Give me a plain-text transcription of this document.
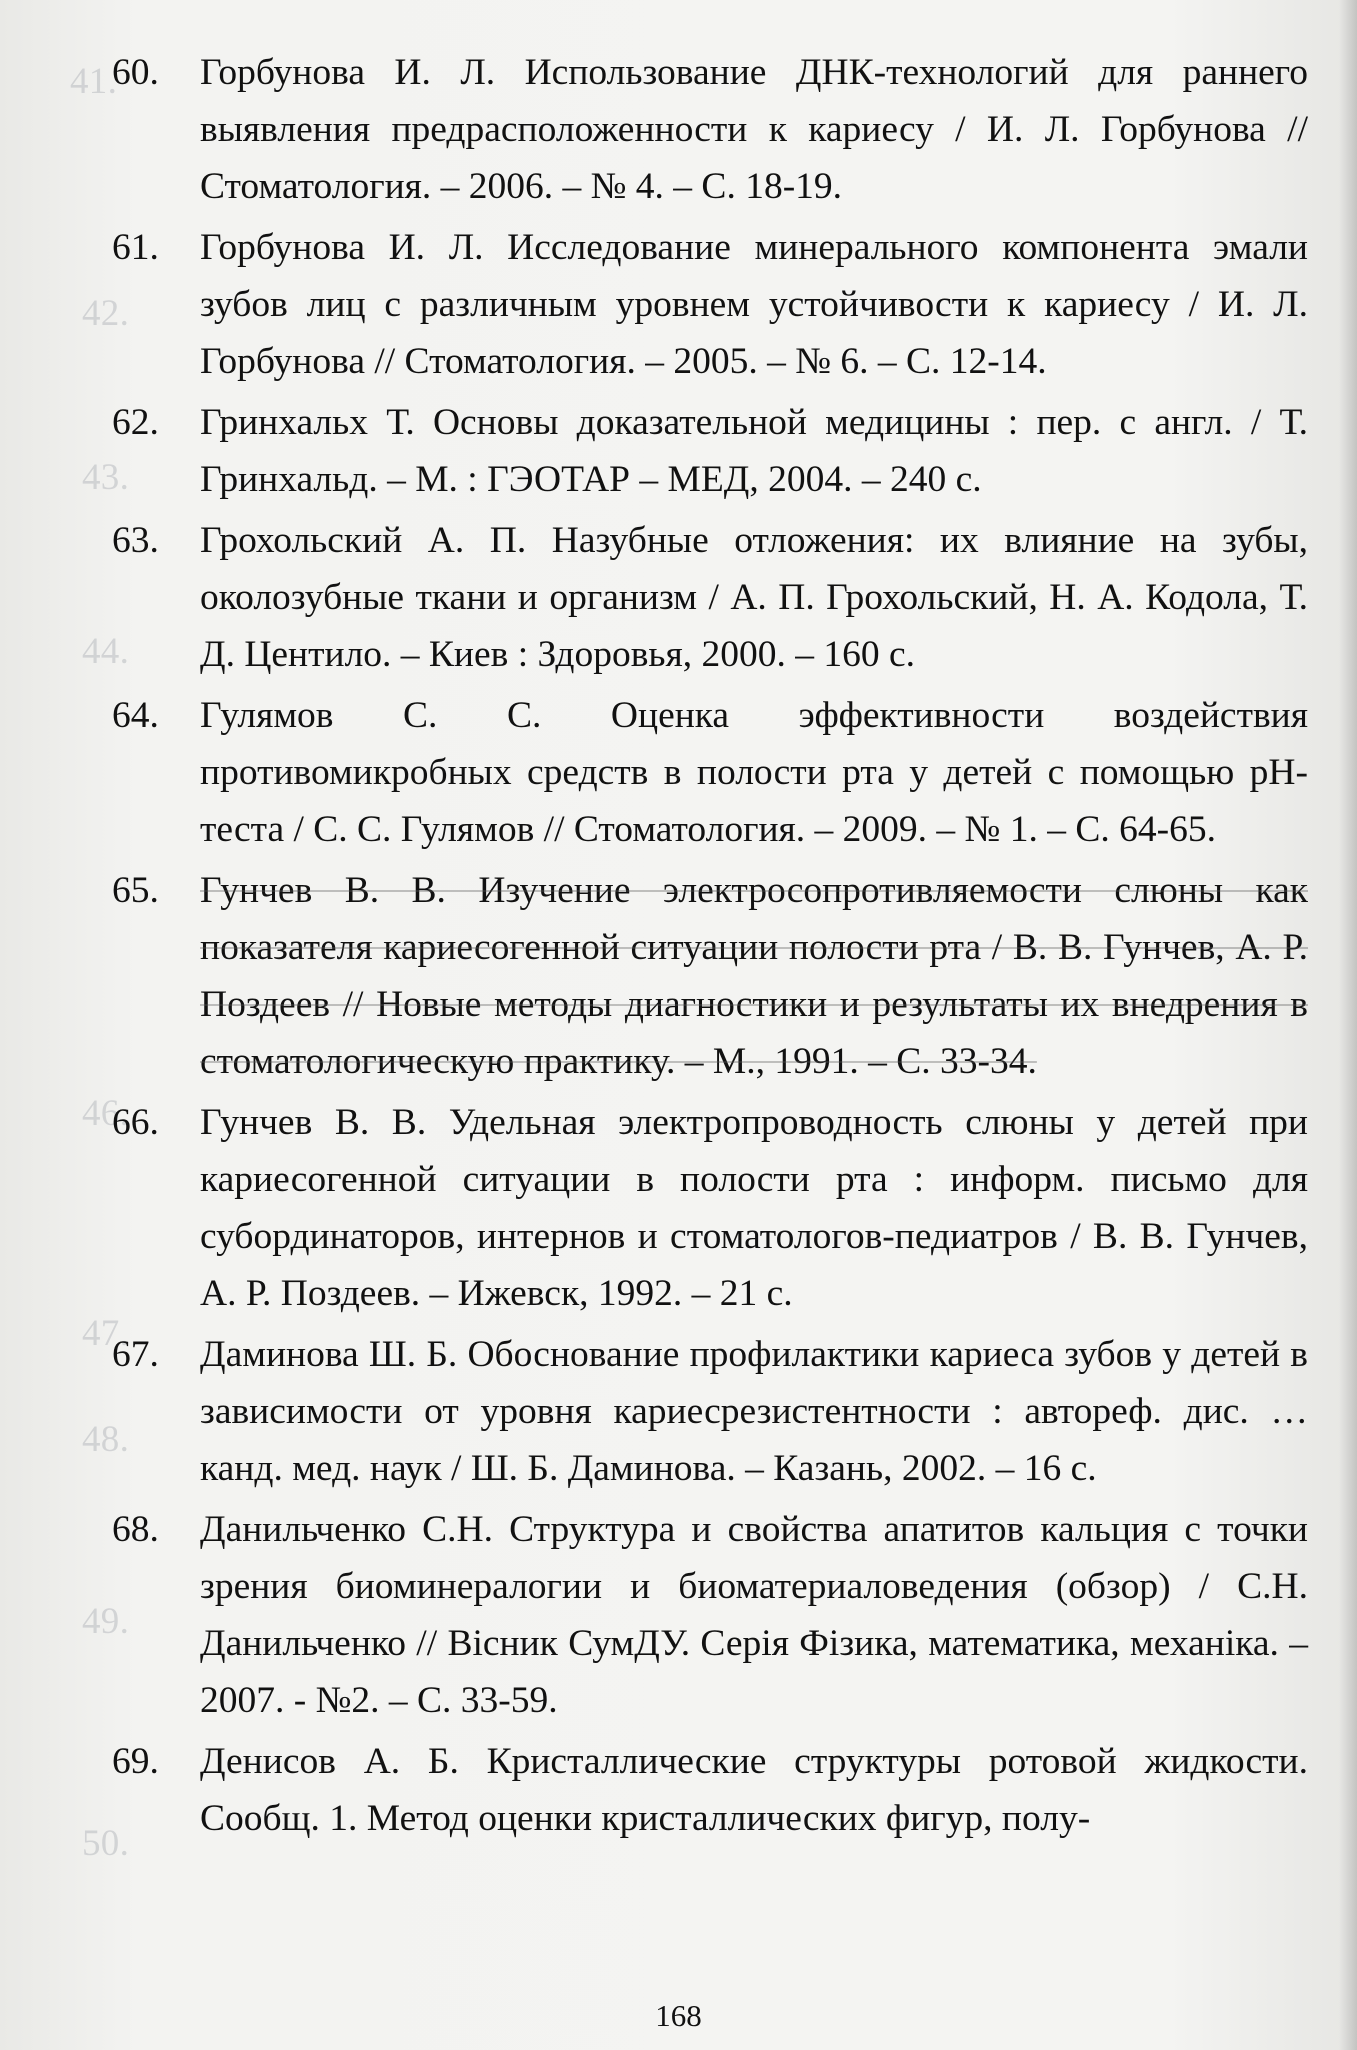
41.
42.
43.
44.
46.
47.
48.
49.
50.
60.	Горбунова И. Л. Использование ДНК-технологий для раннего выявления предрасположенности к кариесу / И. Л. Горбунова // Стоматология. – 2006. – № 4. – С. 18-19.
61.	Горбунова И. Л. Исследование минерального компонента эмали зубов лиц с различным уровнем устойчивости к кариесу / И. Л. Горбунова // Стоматология. – 2005. – № 6. – С. 12-14.
62.	Гринхальх Т. Основы доказательной медицины : пер. с англ. / Т. Гринхальд. – М. : ГЭОТАР – МЕД, 2004. – 240 с.
63.	Грохольский А. П. Назубные отложения: их влияние на зубы, околозубные ткани и организм / А. П. Грохольский, Н. А. Кодола, Т. Д. Центило. – Киев : Здоровья, 2000. – 160 с.
64.	Гулямов С. С. Оценка эффективности воздействия противомикробных средств в полости рта у детей с помощью pH-теста / С. С. Гулямов // Стоматология. – 2009. – № 1. – С. 64-65.
65.	Гунчев В. В. Изучение электросопротивляемости слюны как показателя кариесогенной ситуации полости рта / В. В. Гунчев, А. Р. Поздеев // Новые методы диагностики и результаты их внедрения в стоматологическую практику. – М., 1991. – С. 33-34.
66.	Гунчев В. В. Удельная электропроводность слюны у детей при кариесогенной ситуации в полости рта : информ. письмо для субординаторов, интернов и стоматологов-педиатров / В. В. Гунчев, А. Р. Поздеев. – Ижевск, 1992. – 21 с.
67.	Даминова Ш. Б. Обоснование профилактики кариеса зубов у детей в зависимости от уровня кариесрезистентности : автореф. дис. … канд. мед. наук / Ш. Б. Даминова. – Казань, 2002. – 16 с.
68.	Данильченко С.Н. Структура и свойства апатитов кальция с точки зрения биоминералогии и биоматериаловедения (обзор) / С.Н. Данильченко // Вісник СумДУ. Серія Фізика, математика, механіка. – 2007. - №2. – С. 33-59.
69.	Денисов А. Б. Кристаллические структуры ротовой жидкости. Сообщ. 1. Метод оценки кристаллических фигур, полу-
168
